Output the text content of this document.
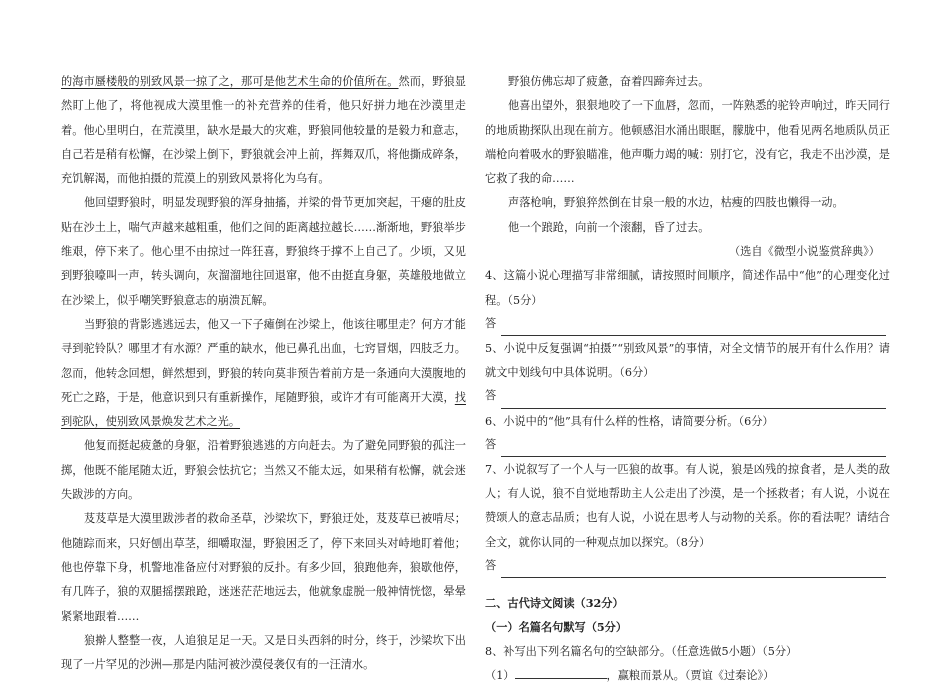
的海市蜃楼般的别致风景一掠了之，那可是他艺术生命的价值所在。然而，野狼显然盯上他了，将他视成大漠里惟一的补充营养的佳肴，他只好拼力地在沙漠里走着。他心里明白，在荒漠里，缺水是最大的灾难，野狼同他较量的是毅力和意志，自己若是稍有松懈，在沙梁上倒下，野狼就会冲上前，挥舞双爪，将他撕成碎条，充饥解渴，而他拍摄的荒漠上的别致风景将化为乌有。

他回望野狼时，明显发现野狼的浑身抽搐，并梁的骨节更加突起，干瘪的肚皮贴在沙土上，喘气声越来越粗重，他们之间的距离越拉越长……渐渐地，野狼举步维艰，停下来了。他心里不由掠过一阵狂喜，野狼终于撑不上自己了。少顷，又见到野狼嚎叫一声，转头调向，灰溜溜地往回退窜，他不由挺直身躯，英雄般地做立在沙梁上，似乎嘲笑野狼意志的崩溃瓦解。

当野狼的背影逃逃远去，他又一下子瘫倒在沙梁上，他该往哪里走？何方才能寻到驼铃队？哪里才有水源？严重的缺水，他已鼻孔出血，七窍冒烟，四肢乏力。忽而，他转念回想，鲜然想到，野狼的转向莫非预告着前方是一条通向大漠腹地的死亡之路，于是，他意识到只有重新操作，尾随野狼，或许才有可能离开大漠，找到驼队，使别致风景焕发艺术之光。

他复而挺起疲惫的身躯，沿着野狼逃逃的方向赶去。为了避免同野狼的孤注一掷，他既不能尾随太近，野狼会怯抗它；当然又不能太远，如果稍有松懈，就会迷失跋涉的方向。

芨芨草是大漠里跋涉者的救命圣草，沙梁坎下，野狼迂处，芨芨草已被啃尽；他随踪而来，只好刨出草茎，细嚼取湿，野狼困乏了，停下来回头对峙地盯着他；他也停靠下身，机警地准备应付对野狼的反扑。有多少回，狼跑他奔，狼歇他停，有几阵子，狼的双腿摇摆踉跄，迷迷茫茫地远去，他就象虚脱一般神情恍惚，晕晕紧紧地跟着……

狼擀人整整一夜，人追狼足足一天。又是日头西斜的时分，终于，沙梁坎下出现了一片罕见的沙洲—那是内陆河被沙漠侵袭仅有的一汪清水。

野狼仿佛忘却了疲惫，奋着四蹄奔过去。

他喜出望外，狠狠地咬了一下血唇，忽而，一阵熟悉的驼铃声响过，昨天同行的地质勘探队出现在前方。他顿感泪水涌出眼眶，朦胧中，他看见两名地质队员正端枪向着吸水的野狼瞄准，他声嘶力竭的喊：别打它，没有它，我走不出沙漠，是它救了我的命……

声落枪响，野狼猝然倒在甘泉一般的水边，枯瘦的四肢也懒得一动。

他一个踉跄，向前一个滚翻，昏了过去。

（选自《微型小说鉴赏辞典》）

4、这篇小说心理描写非常细腻，请按照时间顺序，简述作品中“他”的心理变化过程。（5分）

答

5、小说中反复强调“拍摄”“别致风景”的事情，对全文情节的展开有什么作用？请就文中划线句中具体说明。（6分）

答

6、小说中的“他”具有什么样的性格，请简要分析。（6分）

答

7、小说叙写了一个人与一匹狼的故事。有人说，狼是凶残的掠食者，是人类的敌人；有人说，狼不自觉地帮助主人公走出了沙漠，是一个拯救者；有人说，小说在赞颂人的意志品质；也有人说，小说在思考人与动物的关系。你的看法呢？请结合全文，就你认同的一种观点加以探究。（8分）

答

二、古代诗文阅读（32分）

（一）名篇名句默写（5分）

8、补写出下列名篇名句的空缺部分。（任意选做5小题）（5分）

（1）	，赢粮而景从。（贾谊《过秦论》）
